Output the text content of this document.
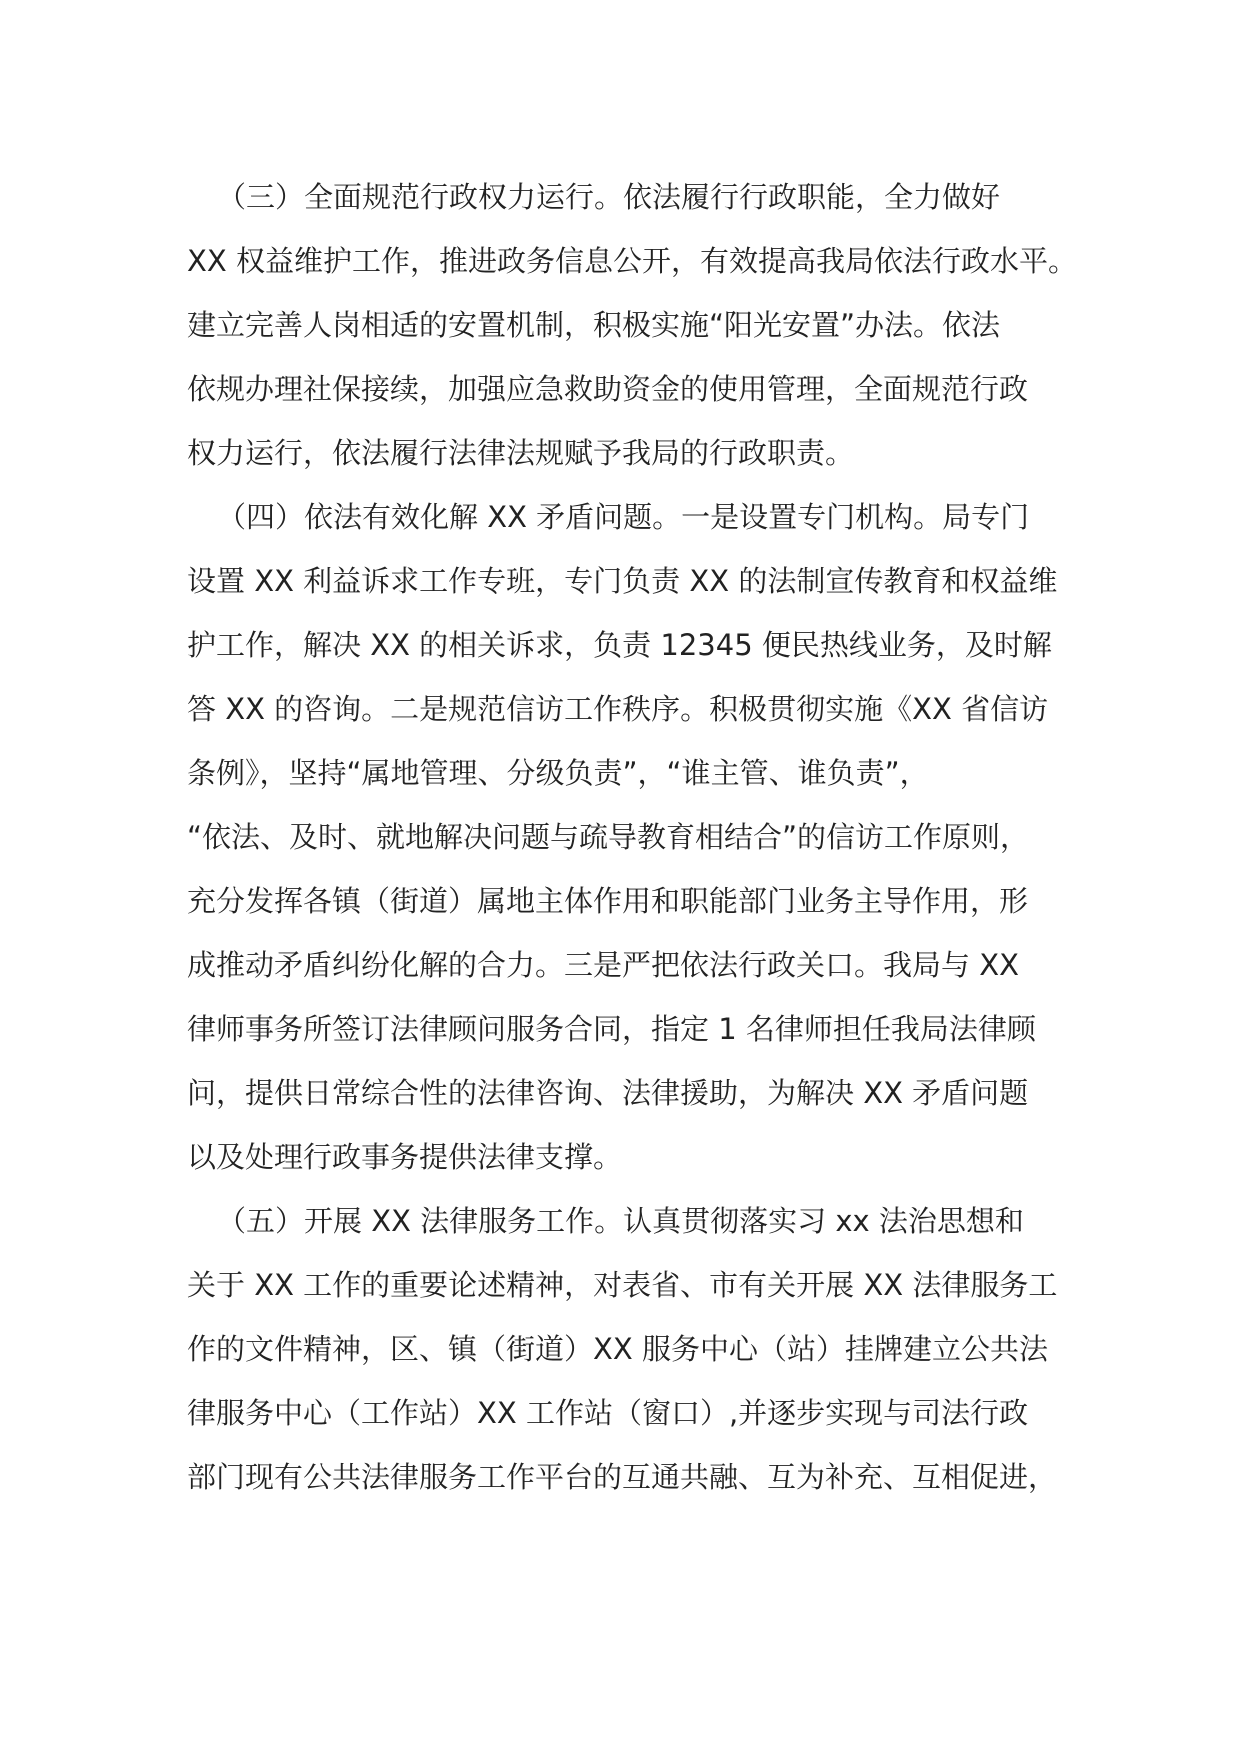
（三）全面规范行政权力运行。依法履行行政职能，全力做好
XX 权益维护工作，推进政务信息公开，有效提高我局依法行政水平。
建立完善人岗相适的安置机制，积极实施“阳光安置”办法。依法
依规办理社保接续，加强应急救助资金的使用管理，全面规范行政
权力运行，依法履行法律法规赋予我局的行政职责。
（四）依法有效化解 XX 矛盾问题。一是设置专门机构。局专门
设置 XX 利益诉求工作专班，专门负责 XX 的法制宣传教育和权益维
护工作，解决 XX 的相关诉求，负责 12345 便民热线业务，及时解
答 XX 的咨询。二是规范信访工作秩序。积极贯彻实施《XX 省信访
条例》，坚持“属地管理、分级负责”，“谁主管、谁负责”，
“依法、及时、就地解决问题与疏导教育相结合”的信访工作原则，
充分发挥各镇（街道）属地主体作用和职能部门业务主导作用，形
成推动矛盾纠纷化解的合力。三是严把依法行政关口。我局与 XX
律师事务所签订法律顾问服务合同，指定 1 名律师担任我局法律顾
问，提供日常综合性的法律咨询、法律援助，为解决 XX 矛盾问题
以及处理行政事务提供法律支撑。
（五）开展 XX 法律服务工作。认真贯彻落实习 xx 法治思想和
关于 XX 工作的重要论述精神，对表省、市有关开展 XX 法律服务工
作的文件精神，区、镇（街道）XX 服务中心（站）挂牌建立公共法
律服务中心（工作站）XX 工作站（窗口）,并逐步实现与司法行政
部门现有公共法律服务工作平台的互通共融、互为补充、互相促进，
